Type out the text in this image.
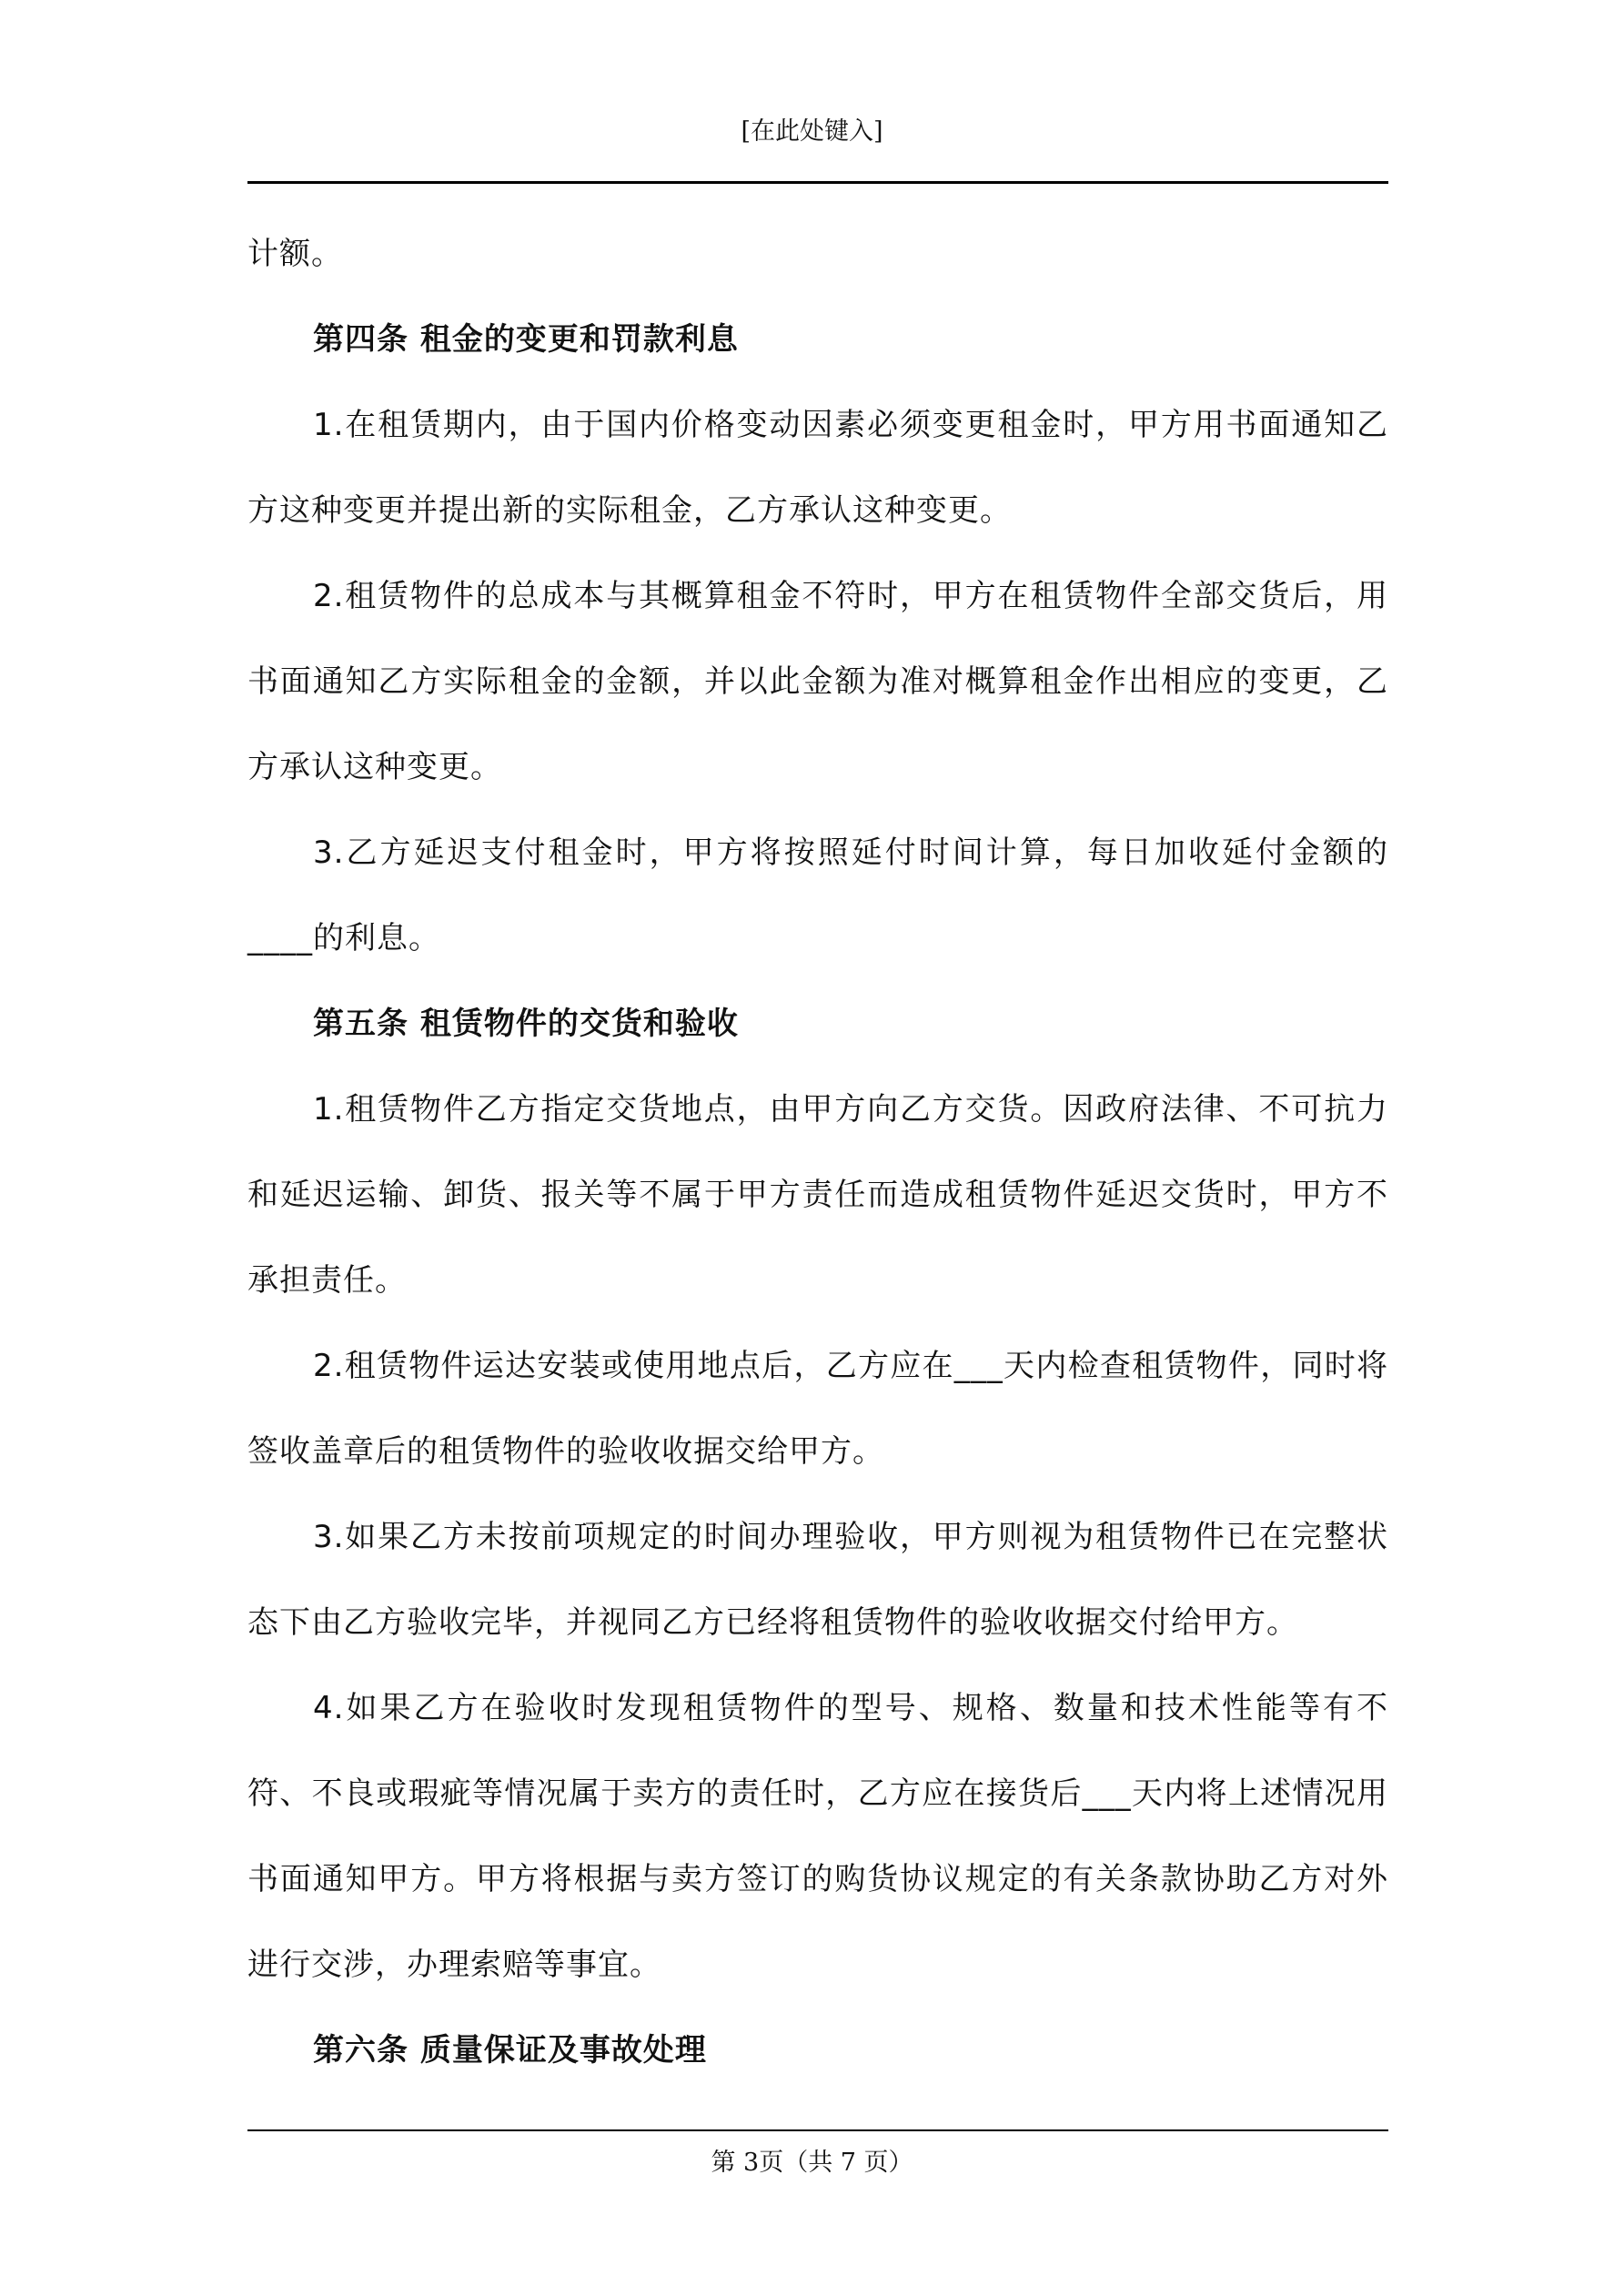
[在此处键入]

计额。

第四条 租金的变更和罚款利息

1.在租赁期内，由于国内价格变动因素必须变更租金时，甲方用书面通知乙方这种变更并提出新的实际租金，乙方承认这种变更。

2.租赁物件的总成本与其概算租金不符时，甲方在租赁物件全部交货后，用书面通知乙方实际租金的金额，并以此金额为准对概算租金作出相应的变更，乙方承认这种变更。

3.乙方延迟支付租金时，甲方将按照延付时间计算，每日加收延付金额的____的利息。

第五条 租赁物件的交货和验收

1.租赁物件乙方指定交货地点，由甲方向乙方交货。因政府法律、不可抗力和延迟运输、卸货、报关等不属于甲方责任而造成租赁物件延迟交货时，甲方不承担责任。

2.租赁物件运达安装或使用地点后，乙方应在___天内检查租赁物件，同时将签收盖章后的租赁物件的验收收据交给甲方。

3.如果乙方未按前项规定的时间办理验收，甲方则视为租赁物件已在完整状态下由乙方验收完毕，并视同乙方已经将租赁物件的验收收据交付给甲方。

4.如果乙方在验收时发现租赁物件的型号、规格、数量和技术性能等有不符、不良或瑕疵等情况属于卖方的责任时，乙方应在接货后___天内将上述情况用书面通知甲方。甲方将根据与卖方签订的购货协议规定的有关条款协助乙方对外进行交涉，办理索赔等事宜。

第六条 质量保证及事故处理

第 3页（共 7 页）
